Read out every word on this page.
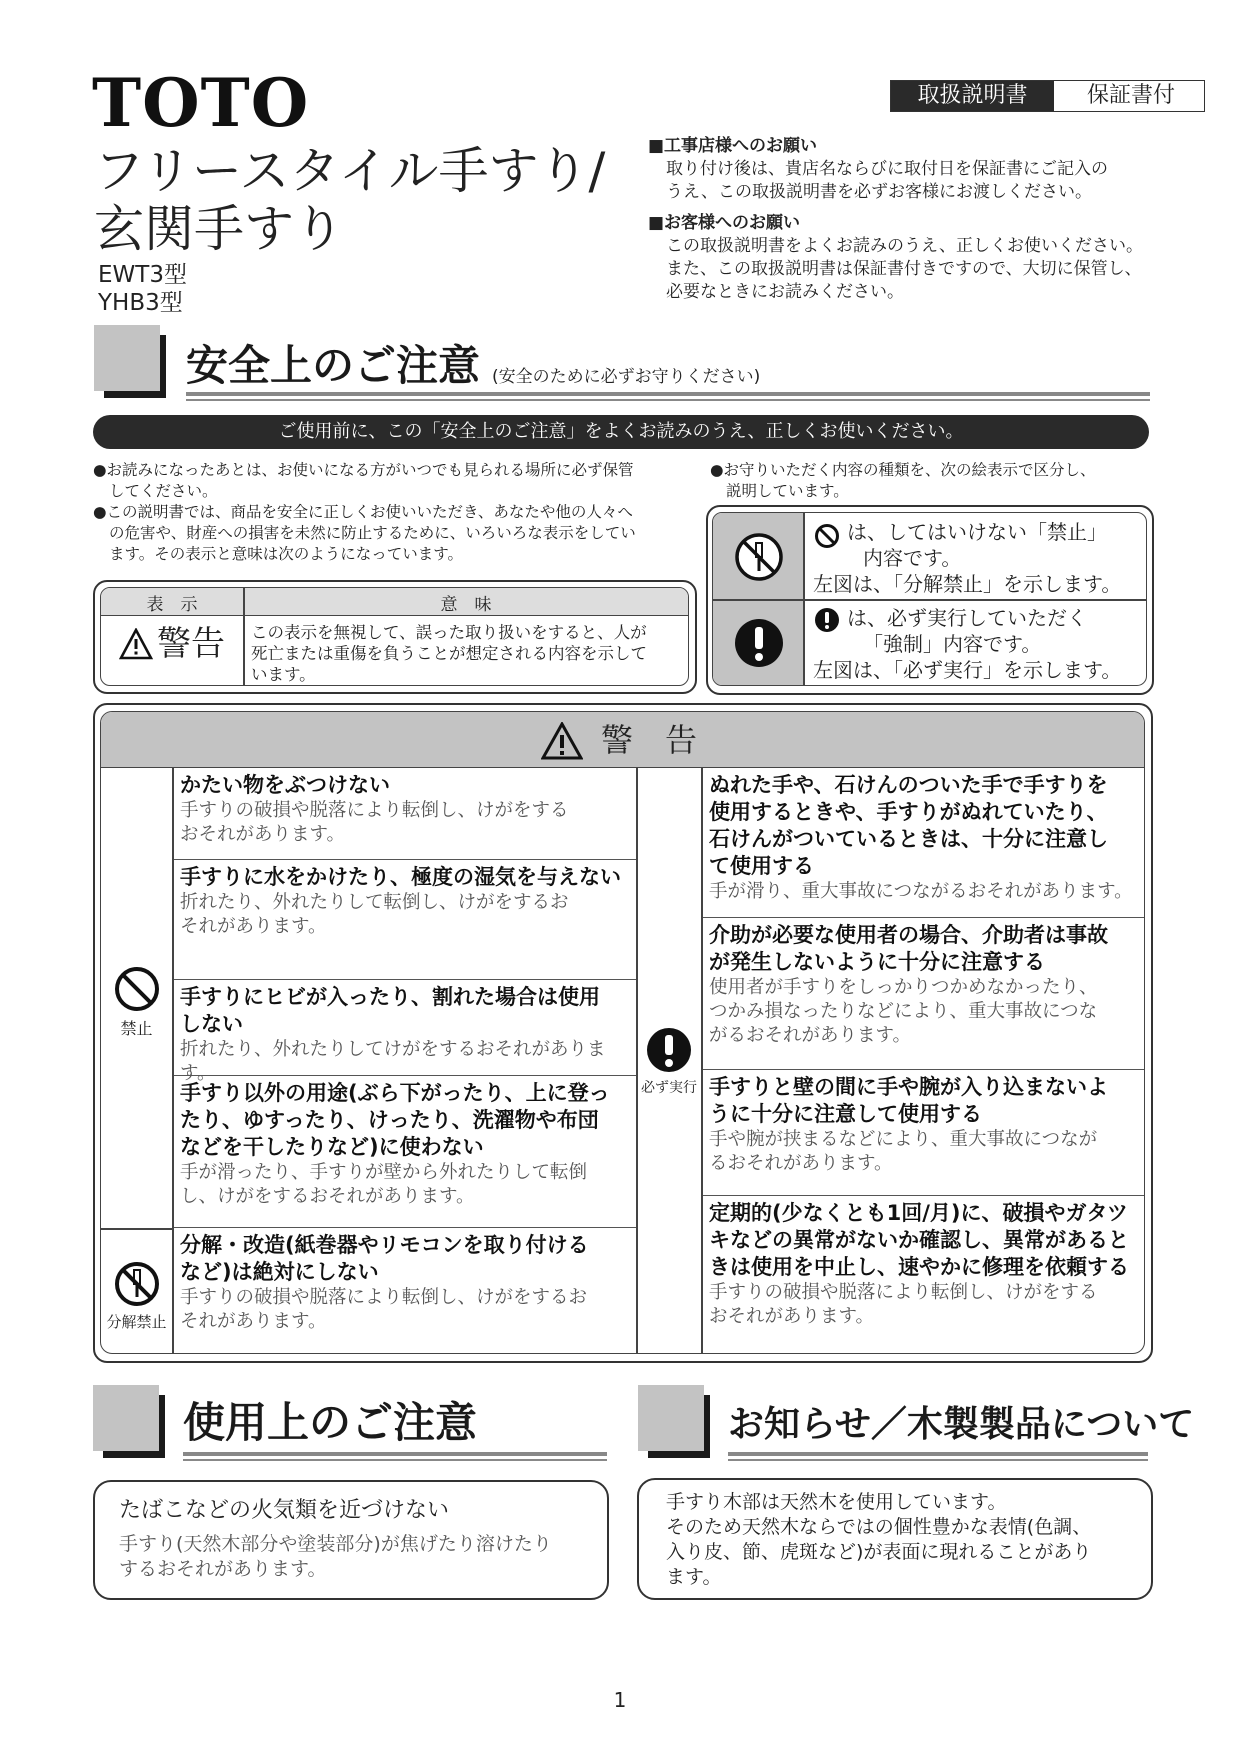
TOTO
フリースタイル手すり/
玄関手すり
EWT3型
YHB3型
取扱説明書	保証書付
■工事店様へのお願い
取り付け後は、貴店名ならびに取付日を保証書にご記入の
うえ、この取扱説明書を必ずお客様にお渡しください。
■お客様へのお願い
この取扱説明書をよくお読みのうえ、正しくお使いください。
また、この取扱説明書は保証書付きですので、大切に保管し、
必要なときにお読みください。
安全上のご注意 (安全のために必ずお守りください)
ご使用前に、この「安全上のご注意」をよくお読みのうえ、正しくお使いください。
●お読みになったあとは、お使いになる方がいつでも見られる場所に必ず保管
してください。
●この説明書では、商品を安全に正しくお使いいただき、あなたや他の人々へ
の危害や、財産への損害を未然に防止するために、いろいろな表示をしてい
ます。その表示と意味は次のようになっています。
●お守りいただく内容の種類を、次の絵表示で区分し、
説明しています。
表　示	意　味
警告 この表示を無視して、誤った取り扱いをすると、人が
死亡または重傷を負うことが想定される内容を示して
います。
は、してはいけない「禁止」
内容です。
左図は、「分解禁止」を示します。
は、必ず実行していただく
「強制」内容です。
左図は、「必ず実行」を示します。
警　告
禁止
分解禁止
必ず実行
かたい物をぶつけない
手すりの破損や脱落により転倒し、けがをする
おそれがあります。
手すりに水をかけたり、極度の湿気を与えない
折れたり、外れたりして転倒し、けがをするお
それがあります。
手すりにヒビが入ったり、割れた場合は使用
しない
折れたり、外れたりしてけがをするおそれがあります。
手すり以外の用途(ぶら下がったり、上に登っ
たり、ゆすったり、けったり、洗濯物や布団
などを干したりなど)に使わない
手が滑ったり、手すりが壁から外れたりして転倒
し、けがをするおそれがあります。
分解・改造(紙巻器やリモコンを取り付ける
など)は絶対にしない
手すりの破損や脱落により転倒し、けがをするお
それがあります。
ぬれた手や、石けんのついた手で手すりを
使用するときや、手すりがぬれていたり、
石けんがついているときは、十分に注意し
て使用する
手が滑り、重大事故につながるおそれがあります。
介助が必要な使用者の場合、介助者は事故
が発生しないように十分に注意する
使用者が手すりをしっかりつかめなかったり、
つかみ損なったりなどにより、重大事故につな
がるおそれがあります。
手すりと壁の間に手や腕が入り込まないよ
うに十分に注意して使用する
手や腕が挟まるなどにより、重大事故につなが
るおそれがあります。
定期的(少なくとも1回/月)に、破損やガタツ
キなどの異常がないか確認し、異常があると
きは使用を中止し、速やかに修理を依頼する
手すりの破損や脱落により転倒し、けがをする
おそれがあります。
使用上のご注意
たばこなどの火気類を近づけない
手すり(天然木部分や塗装部分)が焦げたり溶けたり
するおそれがあります。
お知らせ／木製製品について
手すり木部は天然木を使用しています。
そのため天然木ならではの個性豊かな表情(色調、
入り皮、節、虎斑など)が表面に現れることがあり
ます。
1
